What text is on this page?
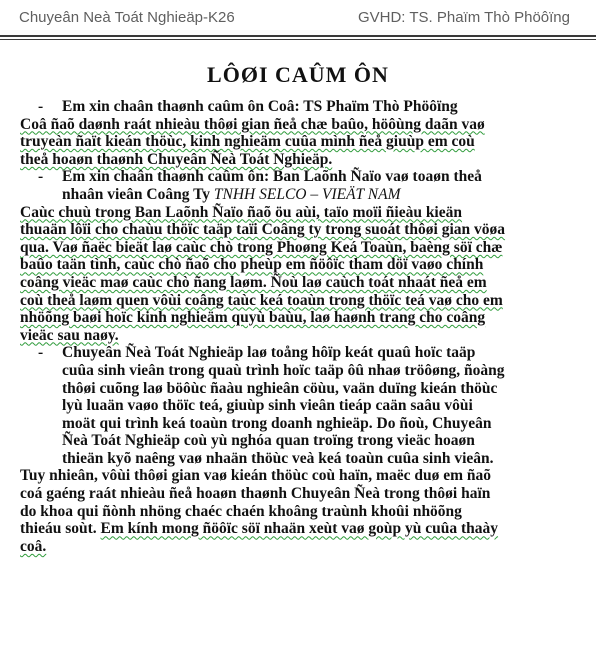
Chuyeân Neà Toát Nghieäp-K26	GVHD: TS. Phaïm Thò Phöôïng
LÔØI CAÛM ÔN
- Em xin chaân thaønh caûm ôn Coâ: TS Phaïm Thò Phöôïng
Coâ ñaõ daønh raát nhieàu thôøi gian ñeå chæ baûo, höôùng daãn vaø
truyeàn ñaït kieán thöùc, kinh nghieäm cuûa mình ñeå giuùp em coù
theå hoaøn thaønh Chuyeân Ñeà Toát Nghieäp.
- Em xin chaân thaønh caûm ôn: Ban Laõnh Ñaïo vaø toaøn theå
nhaân vieân Coâng Ty TNHH SELCO – VIEÄT NAM
Caùc chuù trong Ban Laõnh Ñaïo ñaõ öu aùi, taïo moïi ñieàu kieän
thuaän lôïi cho chaùu thöïc taäp taïi Coâng ty trong suoát thôøi gian vöøa
qua. Vaø ñaëc bieät laø caùc chò trong Phoøng Keá Toaùn, baèng söï chæ
baûo taän tình, caùc chò ñaõ cho pheùp em ñöôïc tham döï vaøo chính
coâng vieäc maø caùc chò ñang laøm. Ñoù laø caùch toát nhaát ñeå em
coù theå laøm quen vôùi coâng taùc keá toaùn trong thöïc teá vaø cho em
nhöõng baøi hoïc kinh nghieäm quyù baùu, laø haønh trang cho coâng
vieäc sau naøy.
- Chuyeân Ñeà Toát Nghieäp laø toång hôïp keát quaû hoïc taäp
cuûa sinh vieân trong quaù trình hoïc taäp ôû nhaø tröôøng, ñoàng
thôøi cuõng laø böôùc ñaàu nghieân cöùu, vaän duïng kieán thöùc
lyù luaän vaøo thöïc teá, giuùp sinh vieân tieáp caän saâu vôùi
moät qui trình keá toaùn trong doanh nghieäp. Do ñoù, Chuyeân
Ñeà Toát Nghieäp coù yù nghóa quan troïng trong vieäc hoaøn
thieän kyõ naêng vaø nhaän thöùc veà keá toaùn cuûa sinh vieân.
Tuy nhieân, vôùi thôøi gian vaø kieán thöùc coù haïn, maëc duø em ñaõ
coá gaéng raát nhieàu ñeå hoaøn thaønh Chuyeân Ñeà trong thôøi haïn
do khoa qui ñònh nhöng chaéc chaén khoâng traùnh khoûi nhöõng
thieáu soùt. Em kính mong ñöôïc söï nhaän xeùt vaø goùp yù cuûa thaày
coâ.
